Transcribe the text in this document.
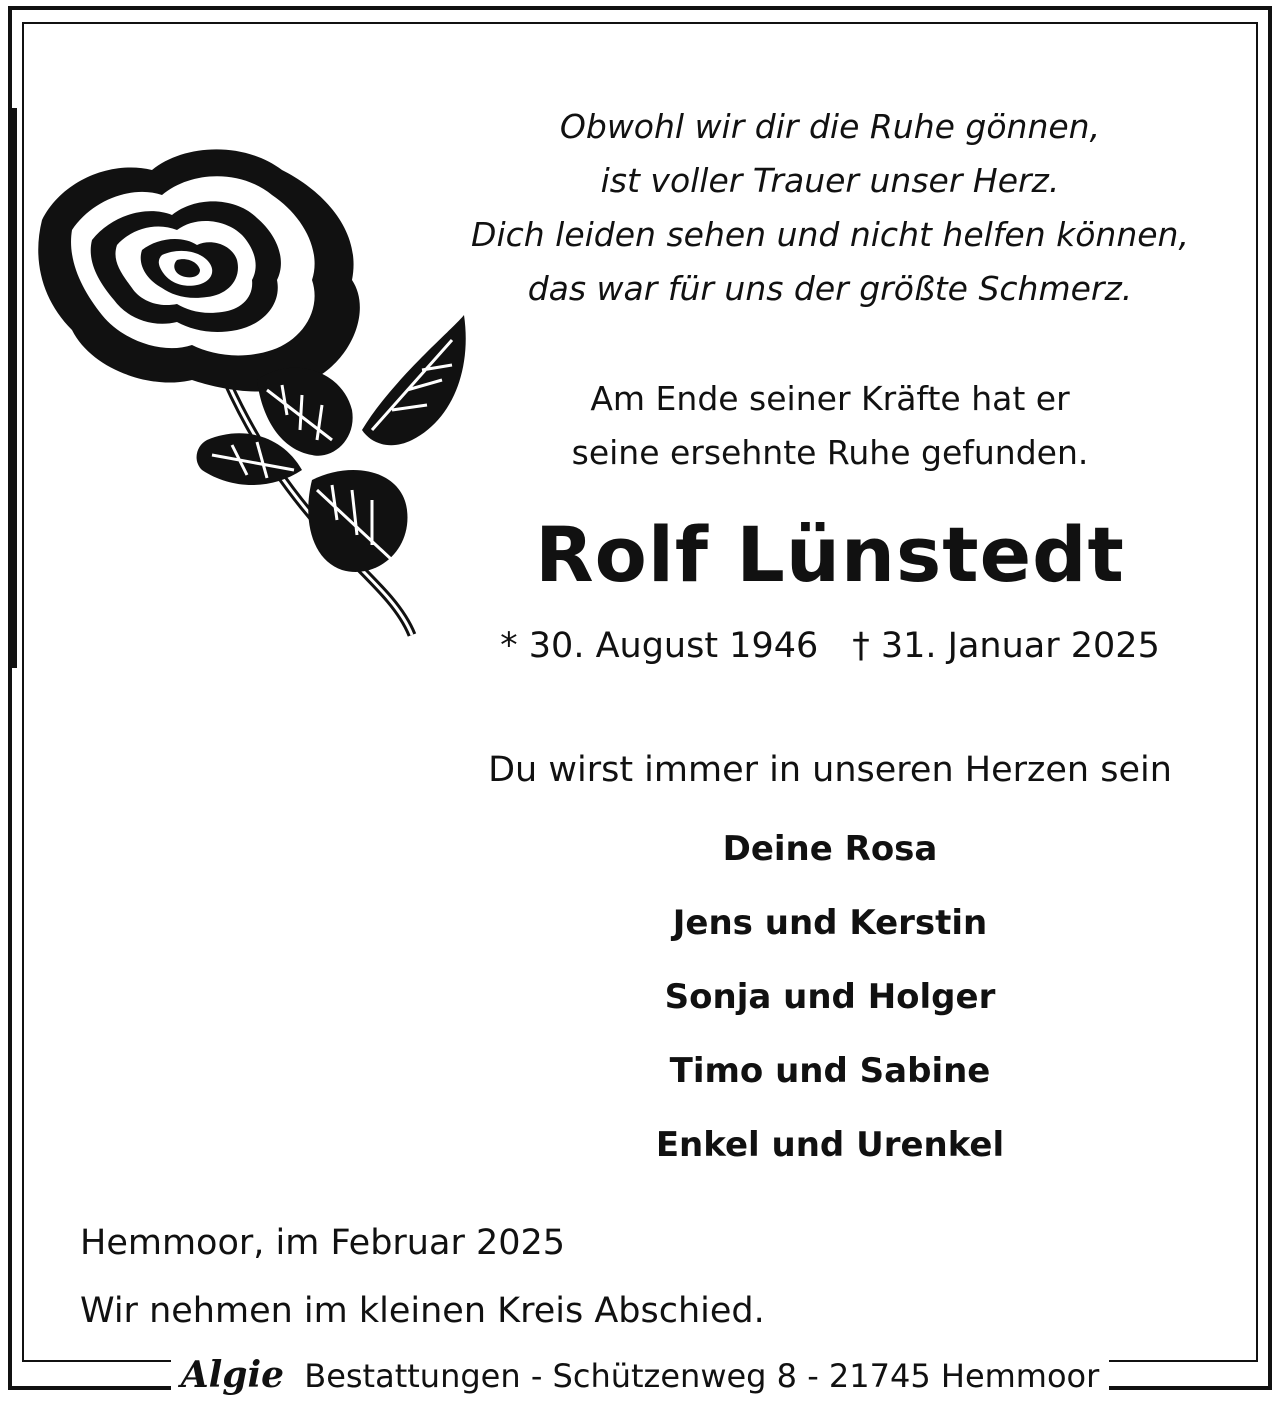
Obwohl wir dir die Ruhe gönnen,
ist voller Trauer unser Herz.
Dich leiden sehen und nicht helfen können,
das war für uns der größte Schmerz.
Am Ende seiner Kräfte hat er
seine ersehnte Ruhe gefunden.
Rolf Lünstedt
* 30. August 1946 † 31. Januar 2025
Du wirst immer in unseren Herzen sein
Deine Rosa
Jens und Kerstin
Sonja und Holger
Timo und Sabine
Enkel und Urenkel
Hemmoor, im Februar 2025
Wir nehmen im kleinen Kreis Abschied.
Algie Bestattungen - Schützenweg 8 - 21745 Hemmoor
